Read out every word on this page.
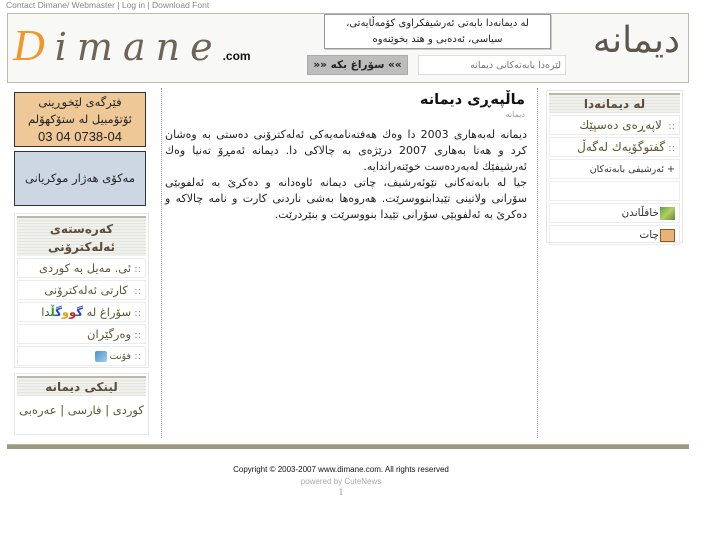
Contact Dimane/ Webmaster | Log in | Download Font
Dimane.com
له دیمانه‌دا بابه‌تی ئه‌رشیفکراوی کۆمه‌ڵایه‌تی،
سیاسی، ئه‌ده‌بی و هتد بخوێنه‌وه
»» سۆراغ بکه ««
لێره‌دا بابه‌ته‌کانی دیمانه
دیمانه
فێرگه‌ی لێخوڕینی
ئۆتۆمبیل له ستۆکهۆلم
0738-04 04 03
مه‌کۆی هه‌ژار موکریانی
که‌ره‌سته‌ی ئه‌له‌کترۆنی
:: ئی. مه‌یل به کوردی
::  کارتی ئه‌له‌کترۆنی
:: سۆراغ له گووگڵدا
:: وه‌رگێران
:: فۆنت
لینکی دیمانه
کوردی | فارسی | عه‌ره‌بی
ماڵپه‌ڕی دیمانه
دیمانه

دیمانه له‌به‌هاری 2003 دا وه‌ك هه‌فته‌نامه‌یه‌کی ئه‌له‌کترۆنی ده‌ستی به‌ وه‌شان کرد و هه‌تا به‌هاری 2007 درێژه‌ی به چالاکی دا. دیمانه ئه‌مڕۆ ته‌نیا وه‌ك ئه‌رشیفێك له‌به‌رده‌ست خوێنه‌راندایه.

جیا له بابه‌ته‌کانی نێوئه‌رشیف، چاتی دیمانه ئاوه‌دانه و ده‌کرێ به ئه‌لفوبێی سۆرانی ولاتینی تێیدابنووسرێت. هه‌روه‌ها به‌شی ناردنی کارت و نامه چالاکه و ده‌کرێ به ئه‌لفوبێی سۆرانی تێیدا بنووسرێت و بنێردرێت.

له دیمانه‌دا
::  لاپه‌ڕه‌ی ده‌سپێك
:: گفتوگۆیه‌ك له‌گه‌ڵ
+ ئه‌رشیفی بابه‌ته‌کان
خافڵاندن
چات
Copyright © 2003-2007 www.dimane.com. All rights reserved
powered by CuteNews
1
